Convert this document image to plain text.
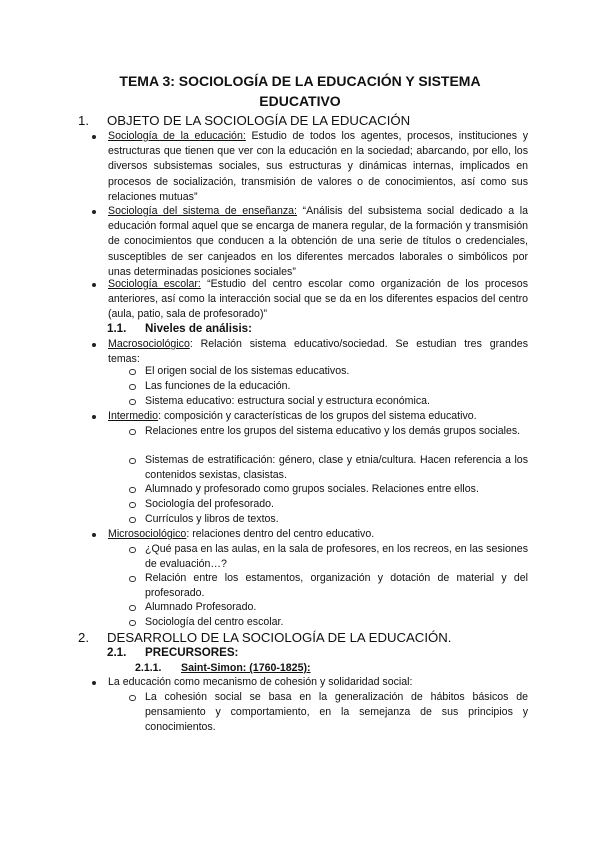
TEMA 3: SOCIOLOGÍA DE LA EDUCACIÓN Y SISTEMA
EDUCATIVO
1. OBJETO DE LA SOCIOLOGÍA DE LA EDUCACIÓN

Sociología de la educación: Estudio de todos los agentes, procesos, instituciones y estructuras que tienen que ver con la educación en la sociedad; abarcando, por ello, los diversos subsistemas sociales, sus estructuras y dinámicas internas, implicados en procesos de socialización, transmisión de valores o de conocimientos, así como sus relaciones mutuas”

Sociología del sistema de enseñanza: “Análisis del subsistema social dedicado a la educación formal aquel que se encarga de manera regular, de la formación y transmisión de conocimientos que conducen a la obtención de una serie de títulos o credenciales, susceptibles de ser canjeados en los diferentes mercados laborales o simbólicos por unas determinadas posiciones sociales”

Sociología escolar: “Estudio del centro escolar como organización de los procesos anteriores, así como la interacción social que se da en los diferentes espacios del centro (aula, patio, sala de profesorado)”

1.1. Niveles de análisis:

Macrosociológico: Relación sistema educativo/sociedad. Se estudian tres grandes temas:

El origen social de los sistemas educativos.

Las funciones de la educación.

Sistema educativo: estructura social y estructura económica.

Intermedio: composición y características de los grupos del sistema educativo.

Relaciones entre los grupos del sistema educativo y los demás grupos sociales.

Sistemas de estratificación: género, clase y etnia/cultura. Hacen referencia a los contenidos sexistas, clasistas.

Alumnado y profesorado como grupos sociales. Relaciones entre ellos.

Sociología del profesorado.

Currículos y libros de textos.

Microsociológico: relaciones dentro del centro educativo.

¿Qué pasa en las aulas, en la sala de profesores, en los recreos, en las sesiones de evaluación…?

Relación entre los estamentos, organización y dotación de material y del profesorado.

Alumnado Profesorado.

Sociología del centro escolar.

2. DESARROLLO DE LA SOCIOLOGÍA DE LA EDUCACIÓN.
2.1. PRECURSORES:
2.1.1. Saint-Simon: (1760-1825):

La educación como mecanismo de cohesión y solidaridad social:

La cohesión social se basa en la generalización de hábitos básicos de pensamiento y comportamiento, en la semejanza de sus principios y conocimientos.
